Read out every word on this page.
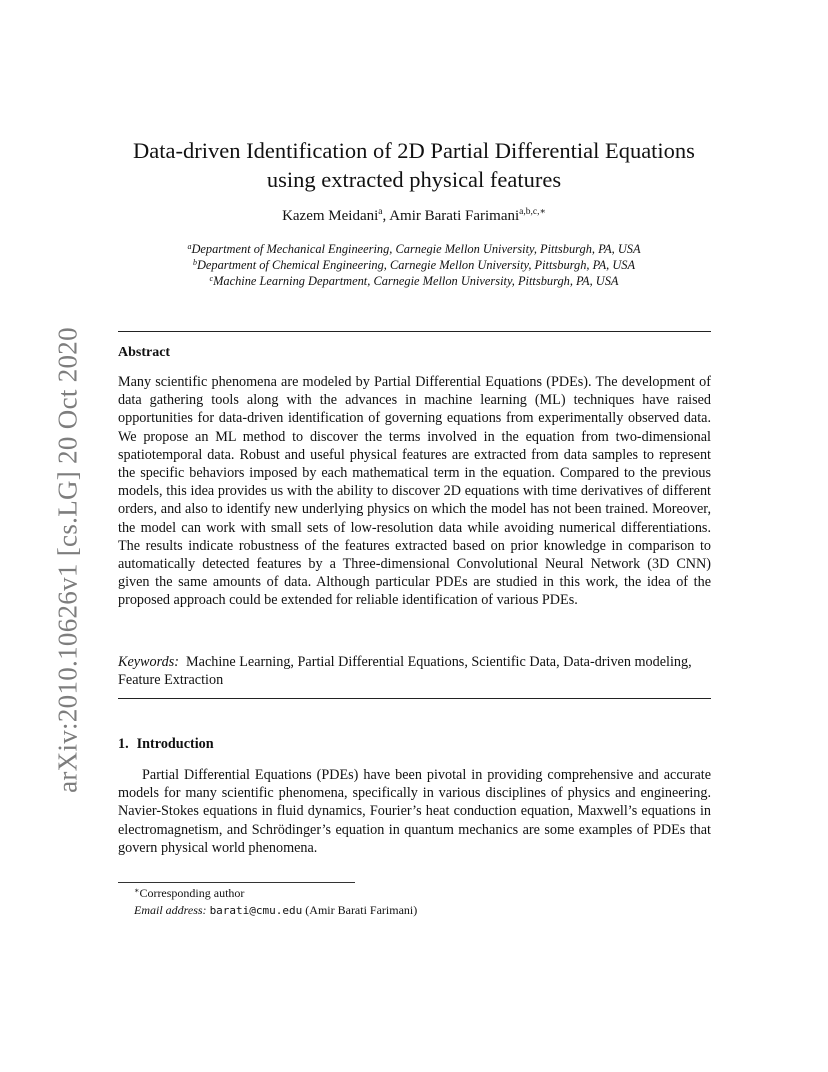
arXiv:2010.10626v1 [cs.LG] 20 Oct 2020
Data-driven Identification of 2D Partial Differential Equations
using extracted physical features
Kazem Meidani$^a$, Amir Barati Farimani$^{a,b,c,∗}$
$^a$Department of Mechanical Engineering, Carnegie Mellon University, Pittsburgh, PA, USA
$^b$Department of Chemical Engineering, Carnegie Mellon University, Pittsburgh, PA, USA
$^c$Machine Learning Department, Carnegie Mellon University, Pittsburgh, PA, USA
Abstract
Many scientific phenomena are modeled by Partial Differential Equations (PDEs). The development of data gathering tools along with the advances in machine learning (ML) techniques have raised opportunities for data-driven identification of governing equations from experimentally observed data. We propose an ML method to discover the terms involved in the equation from two-dimensional spatiotemporal data. Robust and useful physical features are extracted from data samples to represent the specific behaviors imposed by each mathematical term in the equation. Compared to the previous models, this idea provides us with the ability to discover 2D equations with time derivatives of different orders, and also to identify new underlying physics on which the model has not been trained. Moreover, the model can work with small sets of low-resolution data while avoiding numerical differentiations. The results indicate robustness of the features extracted based on prior knowledge in comparison to automatically detected features by a Three-dimensional Convolutional Neural Network (3D CNN) given the same amounts of data. Although particular PDEs are studied in this work, the idea of the proposed approach could be extended for reliable identification of various PDEs.
Keywords: Machine Learning, Partial Differential Equations, Scientific Data, Data-driven modeling, Feature Extraction
1. Introduction
Partial Differential Equations (PDEs) have been pivotal in providing comprehensive and accurate models for many scientific phenomena, specifically in various disciplines of physics and engineering. Navier-Stokes equations in fluid dynamics, Fourier’s heat conduction equation, Maxwell’s equations in electromagnetism, and Schrödinger’s equation in quantum mechanics are some examples of PDEs that govern physical world phenomena.
∗Corresponding author
Email address: barati@cmu.edu (Amir Barati Farimani)
